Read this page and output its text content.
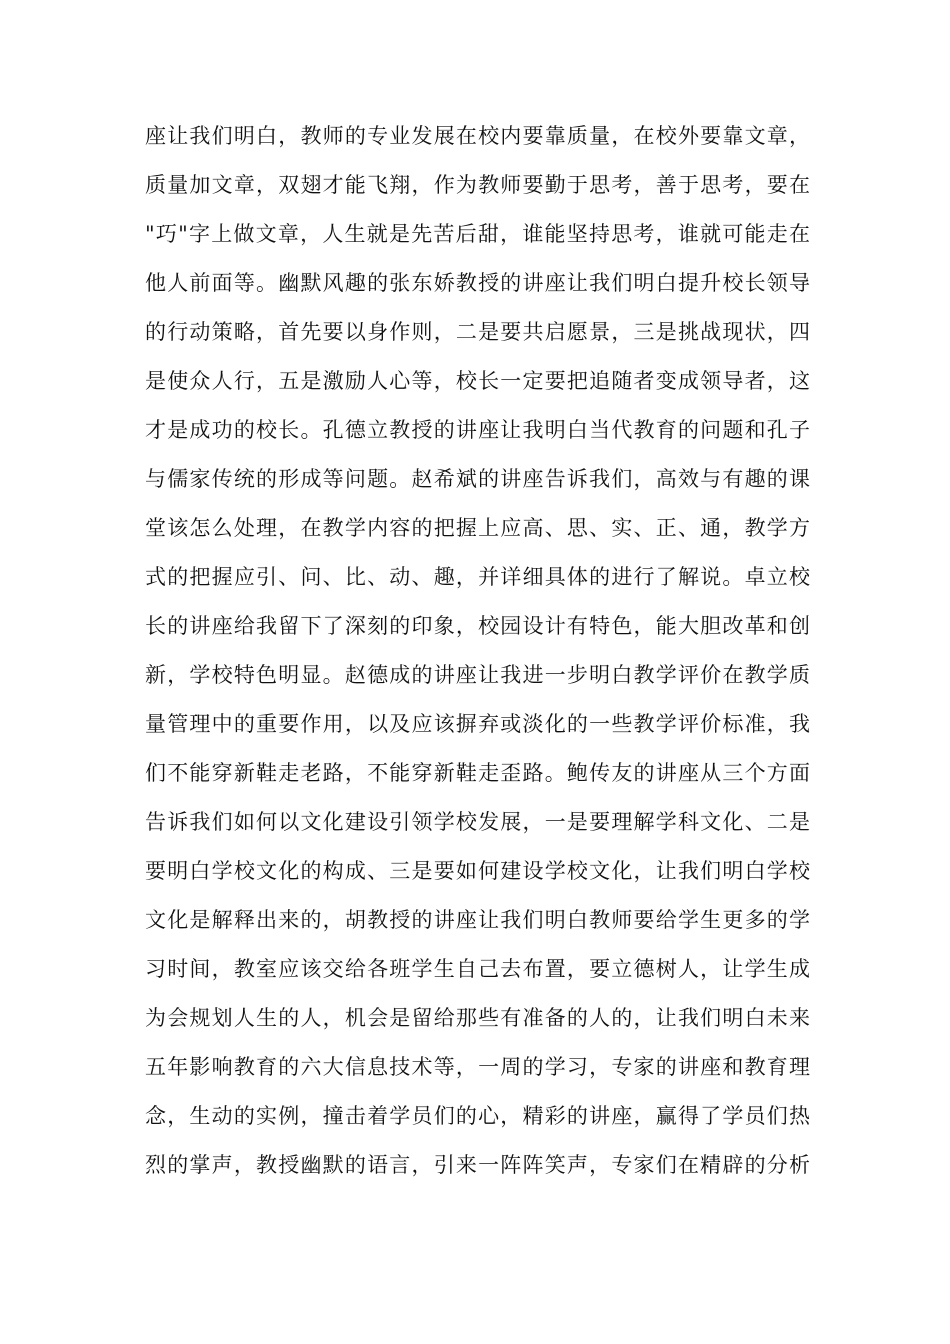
座让我们明白，教师的专业发展在校内要靠质量，在校外要靠文章，
质量加文章，双翅才能飞翔，作为教师要勤于思考，善于思考，要在
"巧"字上做文章，人生就是先苦后甜，谁能坚持思考，谁就可能走在
他人前面等。幽默风趣的张东娇教授的讲座让我们明白提升校长领导
的行动策略，首先要以身作则，二是要共启愿景，三是挑战现状，四
是使众人行，五是激励人心等，校长一定要把追随者变成领导者，这
才是成功的校长。孔德立教授的讲座让我明白当代教育的问题和孔子
与儒家传统的形成等问题。赵希斌的讲座告诉我们，高效与有趣的课
堂该怎么处理，在教学内容的把握上应高、思、实、正、通，教学方
式的把握应引、问、比、动、趣，并详细具体的进行了解说。卓立校
长的讲座给我留下了深刻的印象，校园设计有特色，能大胆改革和创
新，学校特色明显。赵德成的讲座让我进一步明白教学评价在教学质
量管理中的重要作用，以及应该摒弃或淡化的一些教学评价标准，我
们不能穿新鞋走老路，不能穿新鞋走歪路。鲍传友的讲座从三个方面
告诉我们如何以文化建设引领学校发展，一是要理解学科文化、二是
要明白学校文化的构成、三是要如何建设学校文化，让我们明白学校
文化是解释出来的，胡教授的讲座让我们明白教师要给学生更多的学
习时间，教室应该交给各班学生自己去布置，要立德树人，让学生成
为会规划人生的人，机会是留给那些有准备的人的，让我们明白未来
五年影响教育的六大信息技术等，一周的学习，专家的讲座和教育理
念，生动的实例，撞击着学员们的心，精彩的讲座，赢得了学员们热
烈的掌声，教授幽默的语言，引来一阵阵笑声，专家们在精辟的分析
